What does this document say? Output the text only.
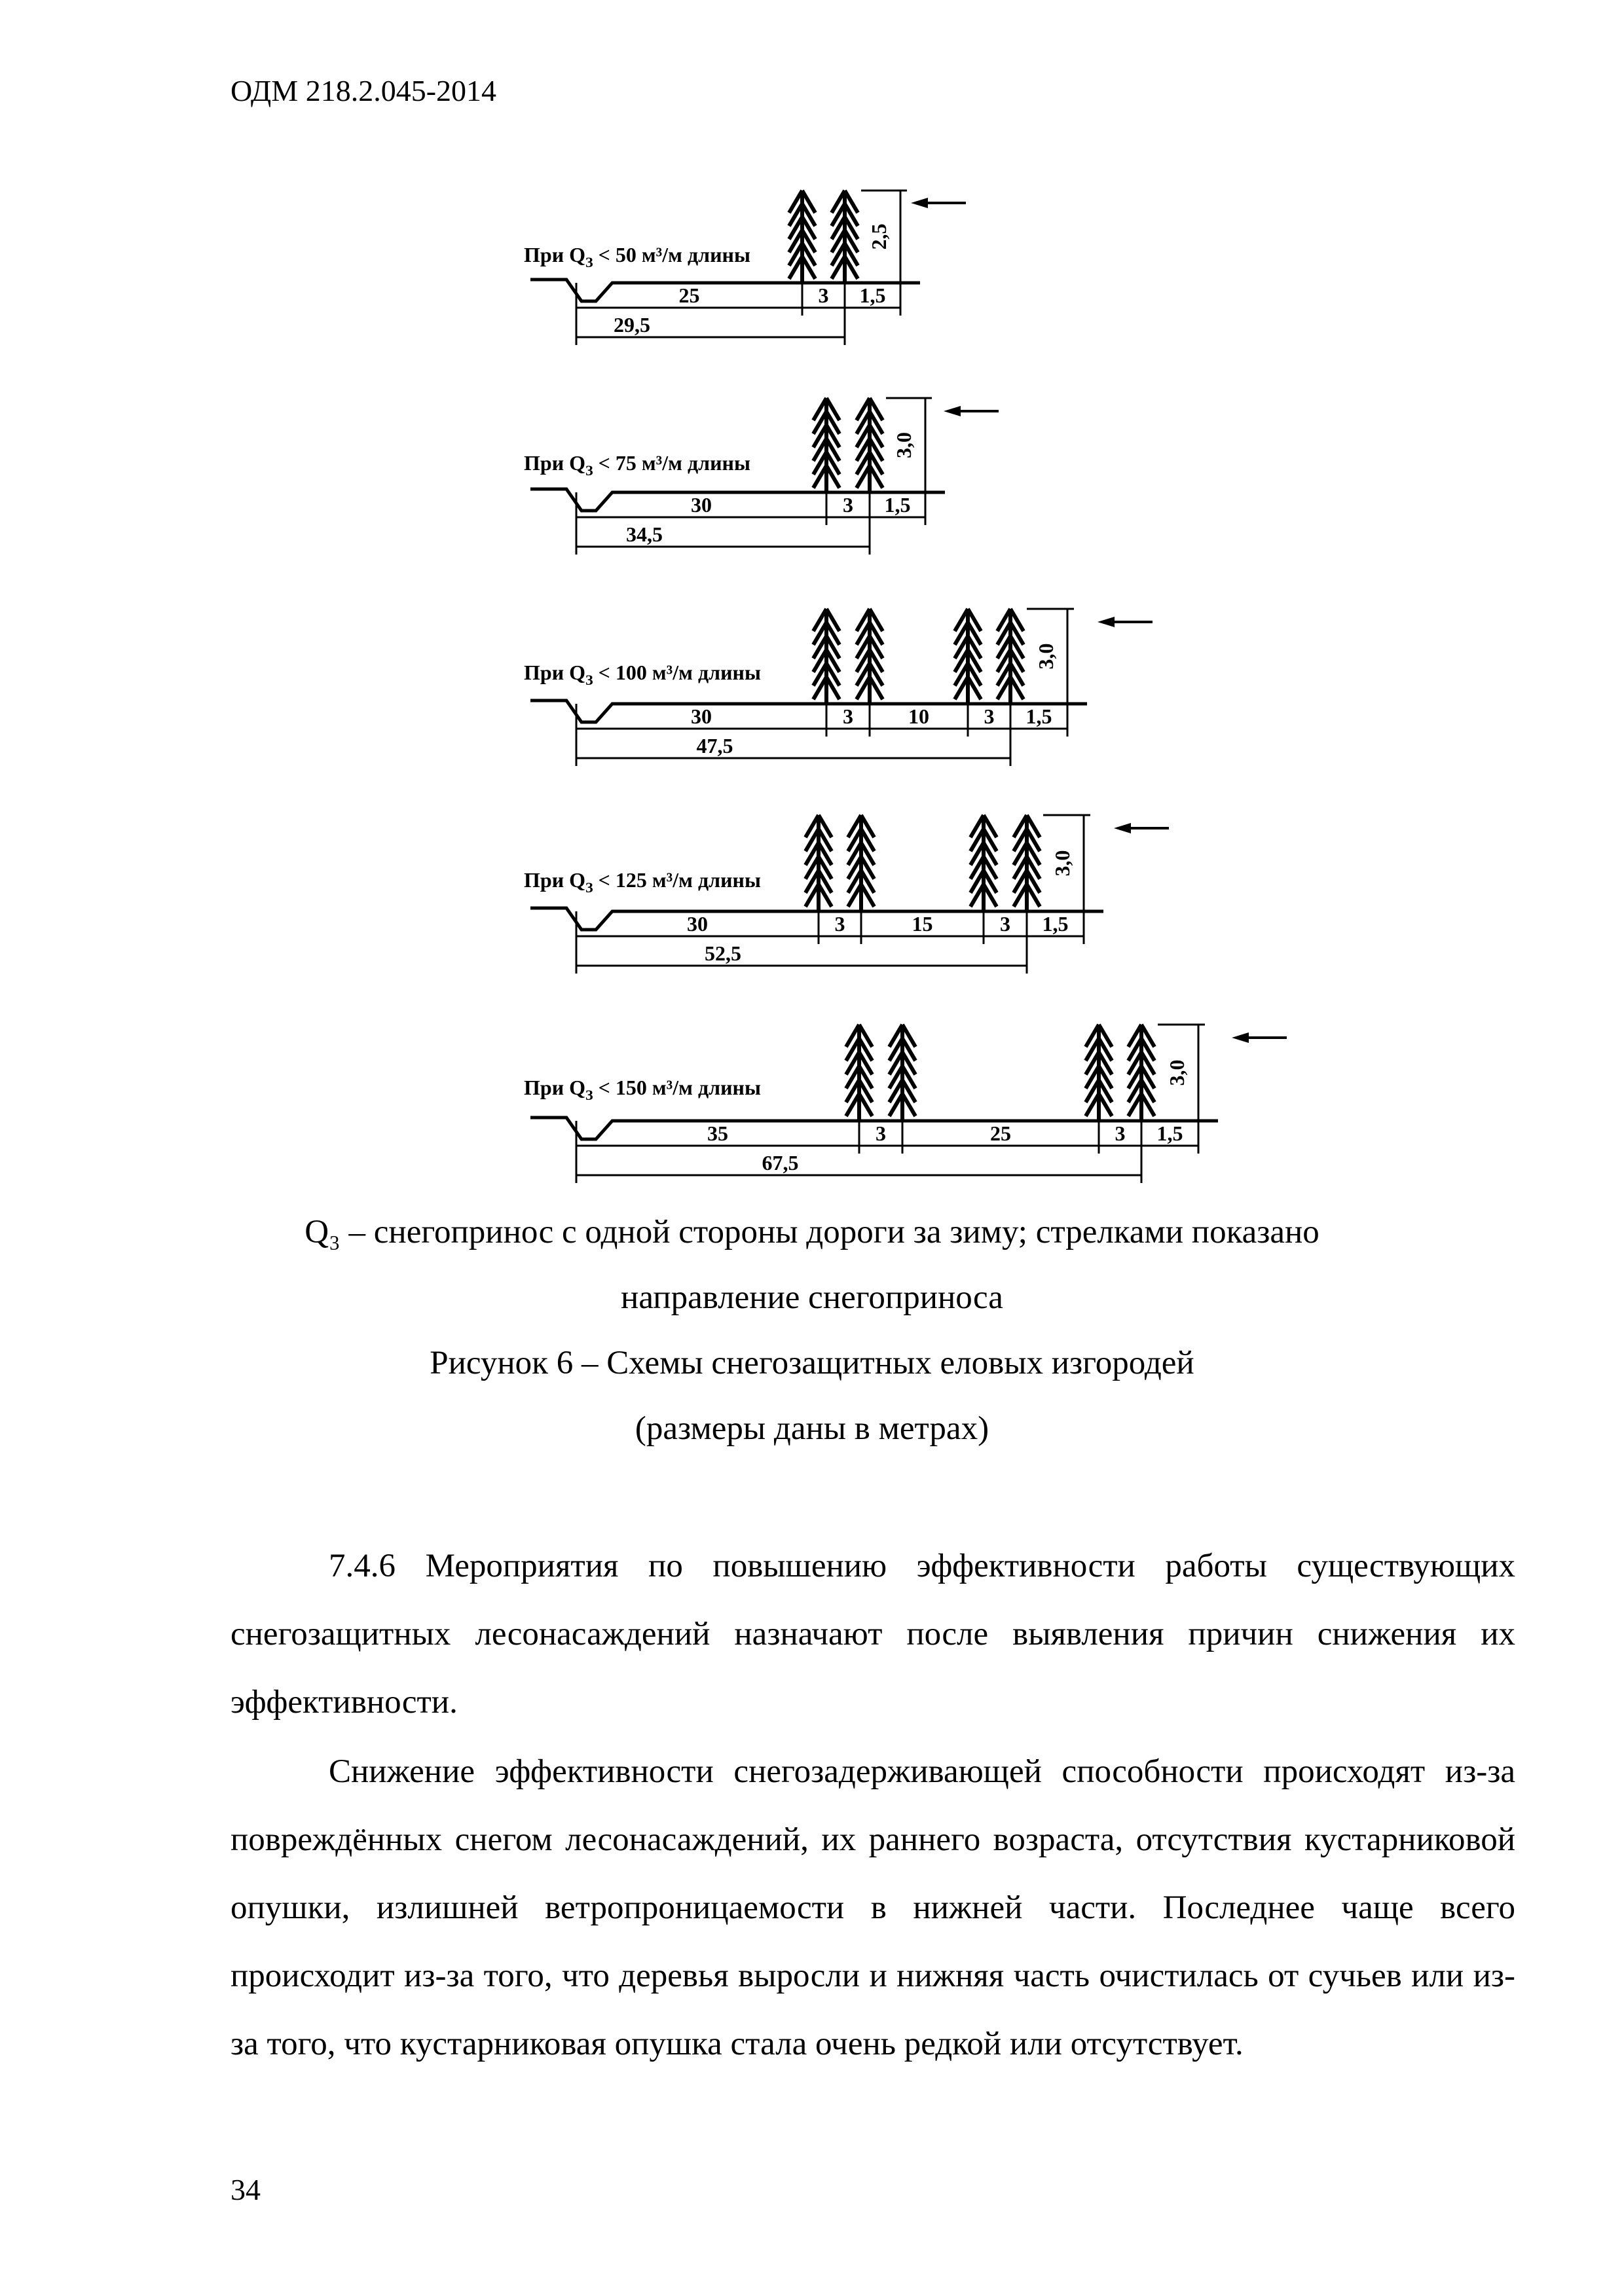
ОДМ 218.2.045-2014
При $Q_З < 50$ м³/м длины
2,5
25	3 1,5
29,5
При $Q_З < 75$ м³/м длины
3,0
30	3 1,5
34,5
При $Q_З < 100$ м³/м длины
3,0
30	3	10	3 1,5
47,5
При $Q_З < 125$ м³/м длины
3,0
30	3	15	3 1,5
52,5
При $Q_З < 150$ м³/м длины
3,0
35	3	25	3 1,5
67,5
Q₃ – снегопринос с одной стороны дороги за зиму; стрелками показано
направление снегоприноса
Рисунок 6 – Схемы снегозащитных еловых изгородей
(размеры даны в метрах)

7.4.6 Мероприятия по повышению эффективности работы существующих снегозащитных лесонасаждений назначают после выявления причин снижения их эффективности.

Снижение эффективности снегозадерживающей способности происходят из-за повреждённых снегом лесонасаждений, их раннего возраста, отсутствия кустарниковой опушки, излишней ветропроницаемости в нижней части. Последнее чаще всего происходит из-за того, что деревья выросли и нижняя часть очистилась от сучьев или из-за того, что кустарниковая опушка стала очень редкой или отсутствует.

34
